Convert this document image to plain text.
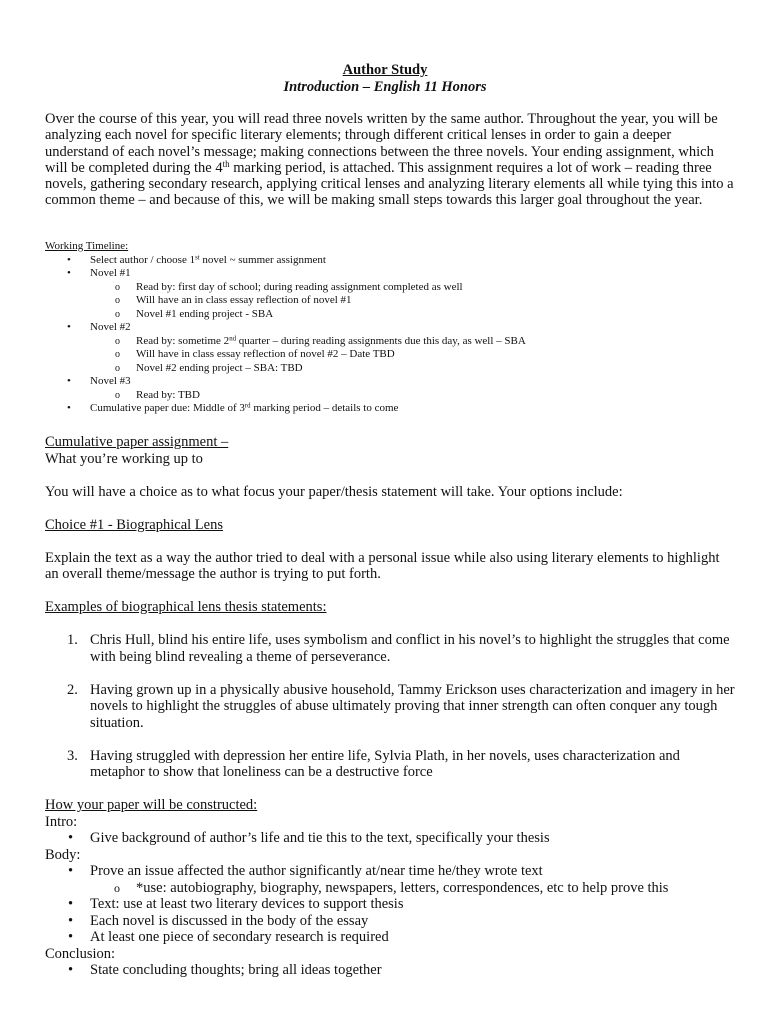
Author Study
Introduction – English 11 Honors

Over the course of this year, you will read three novels written by the same author. Throughout the year, you will be analyzing each novel for specific literary elements; through different critical lenses in order to gain a deeper understand of each novel’s message; making connections between the three novels. Your ending assignment, which will be completed during the 4th marking period, is attached. This assignment requires a lot of work – reading three novels, gathering secondary research, applying critical lenses and analyzing literary elements all while tying this into a common theme – and because of this, we will be making small steps towards this larger goal throughout the year.

Working Timeline:
• Select author / choose 1st novel ~ summer assignment
• Novel #1
o Read by: first day of school; during reading assignment completed as well
o Will have an in class essay reflection of novel #1
o Novel #1 ending project - SBA
• Novel #2
o Read by: sometime 2nd quarter – during reading assignments due this day, as well – SBA
o Will have in class essay reflection of novel #2 – Date TBD
o Novel #2 ending project – SBA: TBD
• Novel #3
o Read by: TBD
• Cumulative paper due: Middle of 3rd marking period – details to come

Cumulative paper assignment –

What you’re working up to

You will have a choice as to what focus your paper/thesis statement will take. Your options include:

Choice #1 - Biographical Lens

Explain the text as a way the author tried to deal with a personal issue while also using literary elements to highlight an overall theme/message the author is trying to put forth.

Examples of biographical lens thesis statements:

1. Chris Hull, blind his entire life, uses symbolism and conflict in his novel’s to highlight the struggles that come with being blind revealing a theme of perseverance.
2. Having grown up in a physically abusive household, Tammy Erickson uses characterization and imagery in her novels to highlight the struggles of abuse ultimately proving that inner strength can often conquer any tough situation.
3. Having struggled with depression her entire life, Sylvia Plath, in her novels, uses characterization and metaphor to show that loneliness can be a destructive force

How your paper will be constructed:

Intro:

• Give background of author’s life and tie this to the text, specifically your thesis

Body:

• Prove an issue affected the author significantly at/near time he/they wrote text
o *use: autobiography, biography, newspapers, letters, correspondences, etc to help prove this
• Text: use at least two literary devices to support thesis
• Each novel is discussed in the body of the essay
• At least one piece of secondary research is required

Conclusion:

• State concluding thoughts; bring all ideas together
